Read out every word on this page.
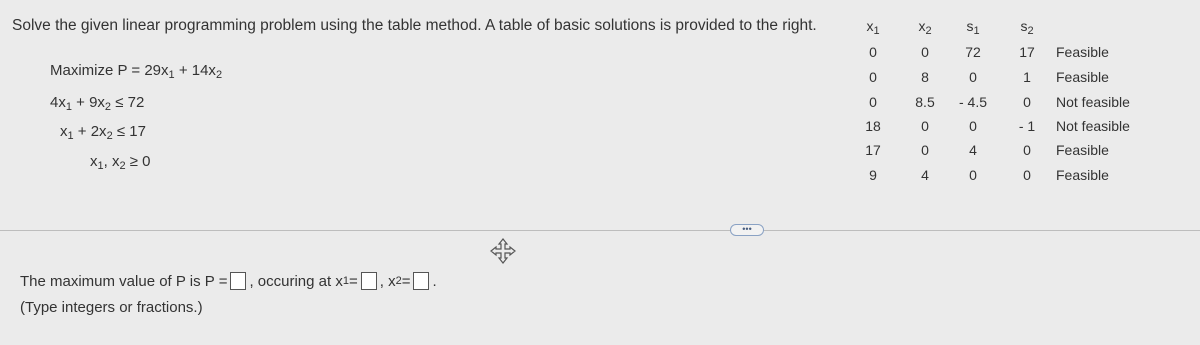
Solve the given linear programming problem using the table method. A table of basic solutions is provided to the right.
Maximize $P = 29x_1 + 14x_2$
$4x_1 + 9x_2 \le 72$
$x_1 + 2x_2 \le 17$
$x_1$, $x_2 \ge 0$
$x_1$	$x_2$	$s_1$	$s_2$
0	0	72	17	Feasible
0	8	0	1	Feasible
0	8.5	- 4.5	0	Not feasible
18	0	0	- 1	Not feasible
17	0	4	0	Feasible
9	4	0	0	Feasible
•••
The maximum value of P is P = , occuring at x 1 = , x 2 = .
(Type integers or fractions.)
